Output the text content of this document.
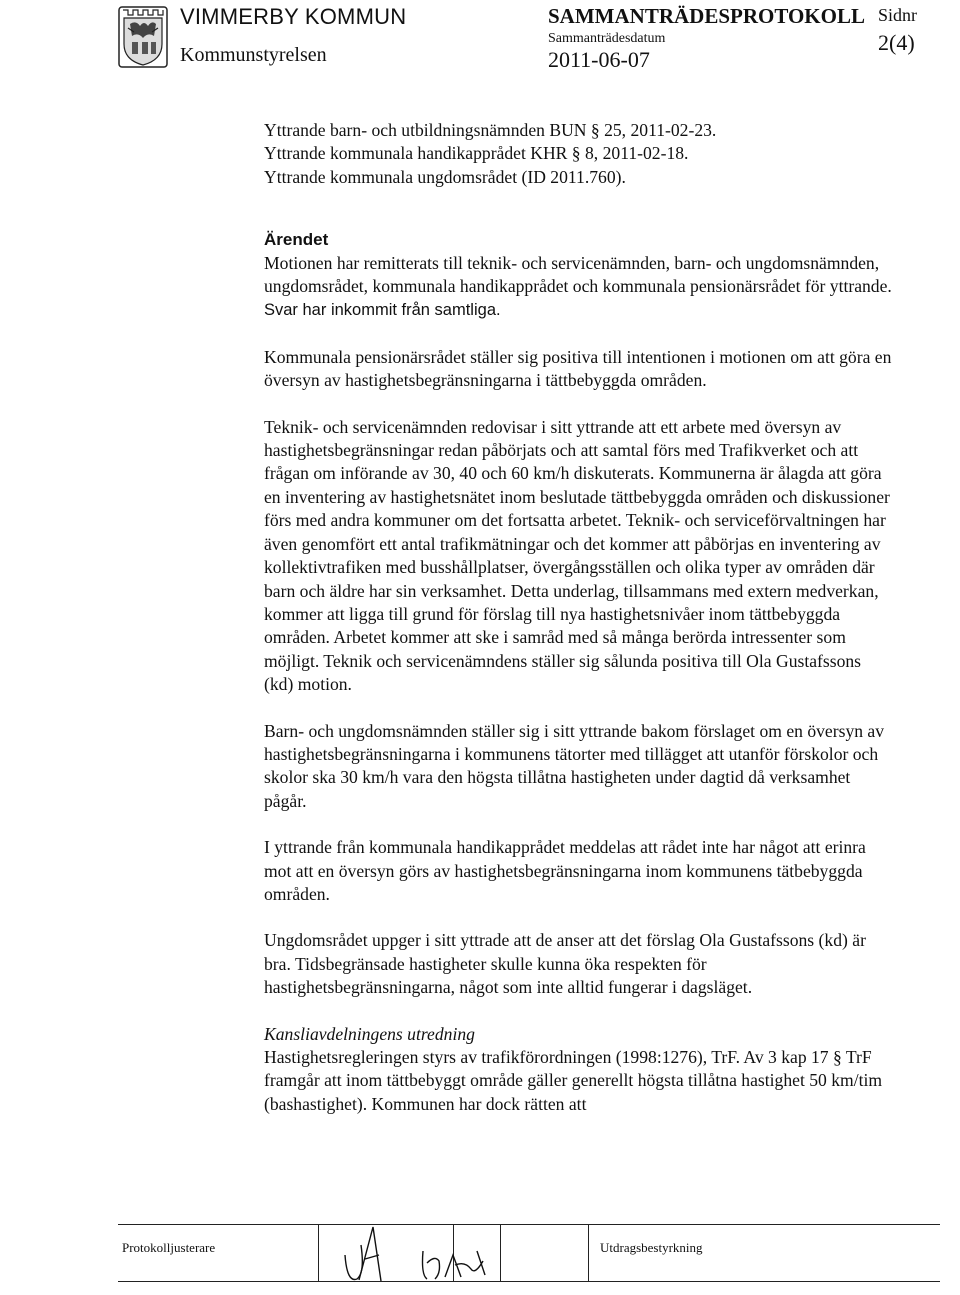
VIMMERBY KOMMUN
Kommunstyrelsen
SAMMANTRÄDESPROTOKOLL
Sammanträdesdatum
2011-06-07
Sidnr
2(4)

Yttrande barn- och utbildningsnämnden BUN § 25, 2011-02-23.

Yttrande kommunala handikapprådet KHR § 8, 2011-02-18.

Yttrande kommunala ungdomsrådet (ID 2011.760).

Ärendet

Motionen har remitterats till teknik- och servicenämnden, barn- och ungdomsnämnden, ungdomsrådet, kommunala handikapprådet och kommunala pensionärsrådet för yttrande. Svar har inkommit från samtliga.

Kommunala pensionärsrådet ställer sig positiva till intentionen i motionen om att göra en översyn av hastighetsbegränsningarna i tättbebyggda områden.

Teknik- och servicenämnden redovisar i sitt yttrande att ett arbete med översyn av hastighetsbegränsningar redan påbörjats och att samtal förs med Trafikverket och att frågan om införande av 30, 40 och 60 km/h diskuterats. Kommunerna är ålagda att göra en inventering av hastighetsnätet inom beslutade tättbebyggda områden och diskussioner förs med andra kommuner om det fortsatta arbetet. Teknik- och serviceförvaltningen har även genomfört ett antal trafikmätningar och det kommer att påbörjas en inventering av kollektivtrafiken med busshållplatser, övergångsställen och olika typer av områden där barn och äldre har sin verksamhet. Detta underlag, tillsammans med extern medverkan, kommer att ligga till grund för förslag till nya hastighetsnivåer inom tättbebyggda områden. Arbetet kommer att ske i samråd med så många berörda intressenter som möjligt. Teknik och servicenämndens ställer sig sålunda positiva till Ola Gustafssons (kd) motion.

Barn- och ungdomsnämnden ställer sig i sitt yttrande bakom förslaget om en översyn av hastighetsbegränsningarna i kommunens tätorter med tillägget att utanför förskolor och skolor ska 30 km/h vara den högsta tillåtna hastigheten under dagtid då verksamhet pågår.

I yttrande från kommunala handikapprådet meddelas att rådet inte har något att erinra mot att en översyn görs av hastighetsbegränsningarna inom kommunens tätbebyggda områden.

Ungdomsrådet uppger i sitt yttrade att de anser att det förslag Ola Gustafssons (kd) är bra. Tidsbegränsade hastigheter skulle kunna öka respekten för hastighetsbegränsningarna, något som inte alltid fungerar i dagsläget.

Kansliavdelningens utredning

Hastighetsregleringen styrs av trafikförordningen (1998:1276), TrF. Av 3 kap 17 § TrF framgår att inom tättbebyggt område gäller generellt högsta tillåtna hastighet 50 km/tim (bashastighet). Kommunen har dock rätten att

Protokolljusterare	Utdragsbestyrkning
